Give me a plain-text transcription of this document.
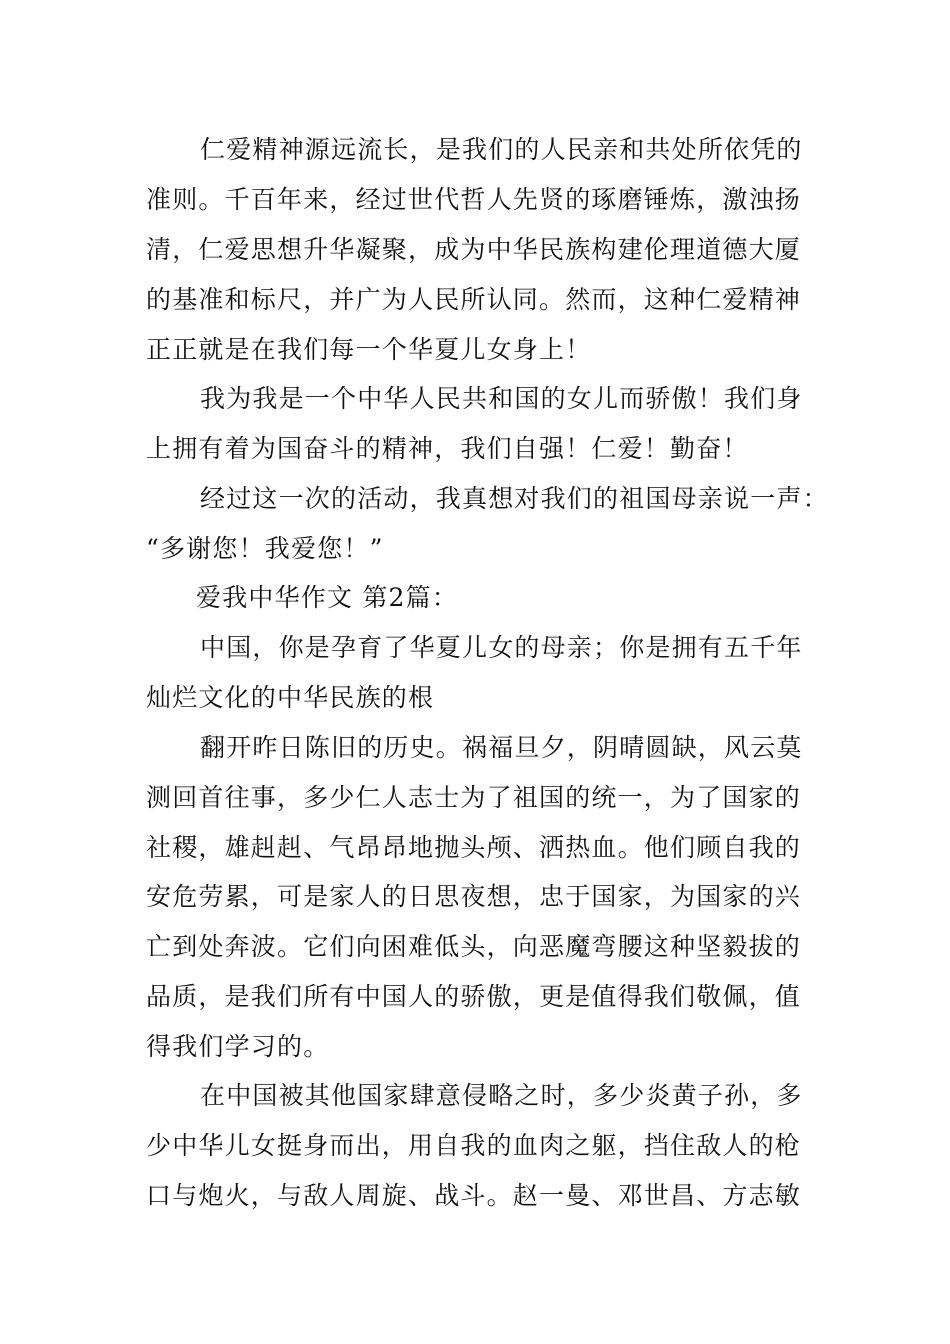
仁爱精神源远流长，是我们的人民亲和共处所依凭的

准则。千百年来，经过世代哲人先贤的琢磨锤炼，激浊扬

清，仁爱思想升华凝聚，成为中华民族构建伦理道德大厦

的基准和标尺，并广为人民所认同。然而，这种仁爱精神

正正就是在我们每一个华夏儿女身上！

我为我是一个中华人民共和国的女儿而骄傲！我们身

上拥有着为国奋斗的精神，我们自强！仁爱！勤奋！

经过这一次的活动，我真想对我们的祖国母亲说一声：

“多谢您！我爱您！”

爱我中华作文 第2篇：

中国，你是孕育了华夏儿女的母亲；你是拥有五千年

灿烂文化的中华民族的根

翻开昨日陈旧的历史。祸福旦夕，阴晴圆缺，风云莫

测回首往事，多少仁人志士为了祖国的统一，为了国家的

社稷，雄赳赳、气昂昂地抛头颅、洒热血。他们顾自我的

安危劳累，可是家人的日思夜想，忠于国家，为国家的兴

亡到处奔波。它们向困难低头，向恶魔弯腰这种坚毅拔的

品质，是我们所有中国人的骄傲，更是值得我们敬佩，值

得我们学习的。

在中国被其他国家肆意侵略之时，多少炎黄子孙，多

少中华儿女挺身而出，用自我的血肉之躯，挡住敌人的枪

口与炮火，与敌人周旋、战斗。赵一曼、邓世昌、方志敏
